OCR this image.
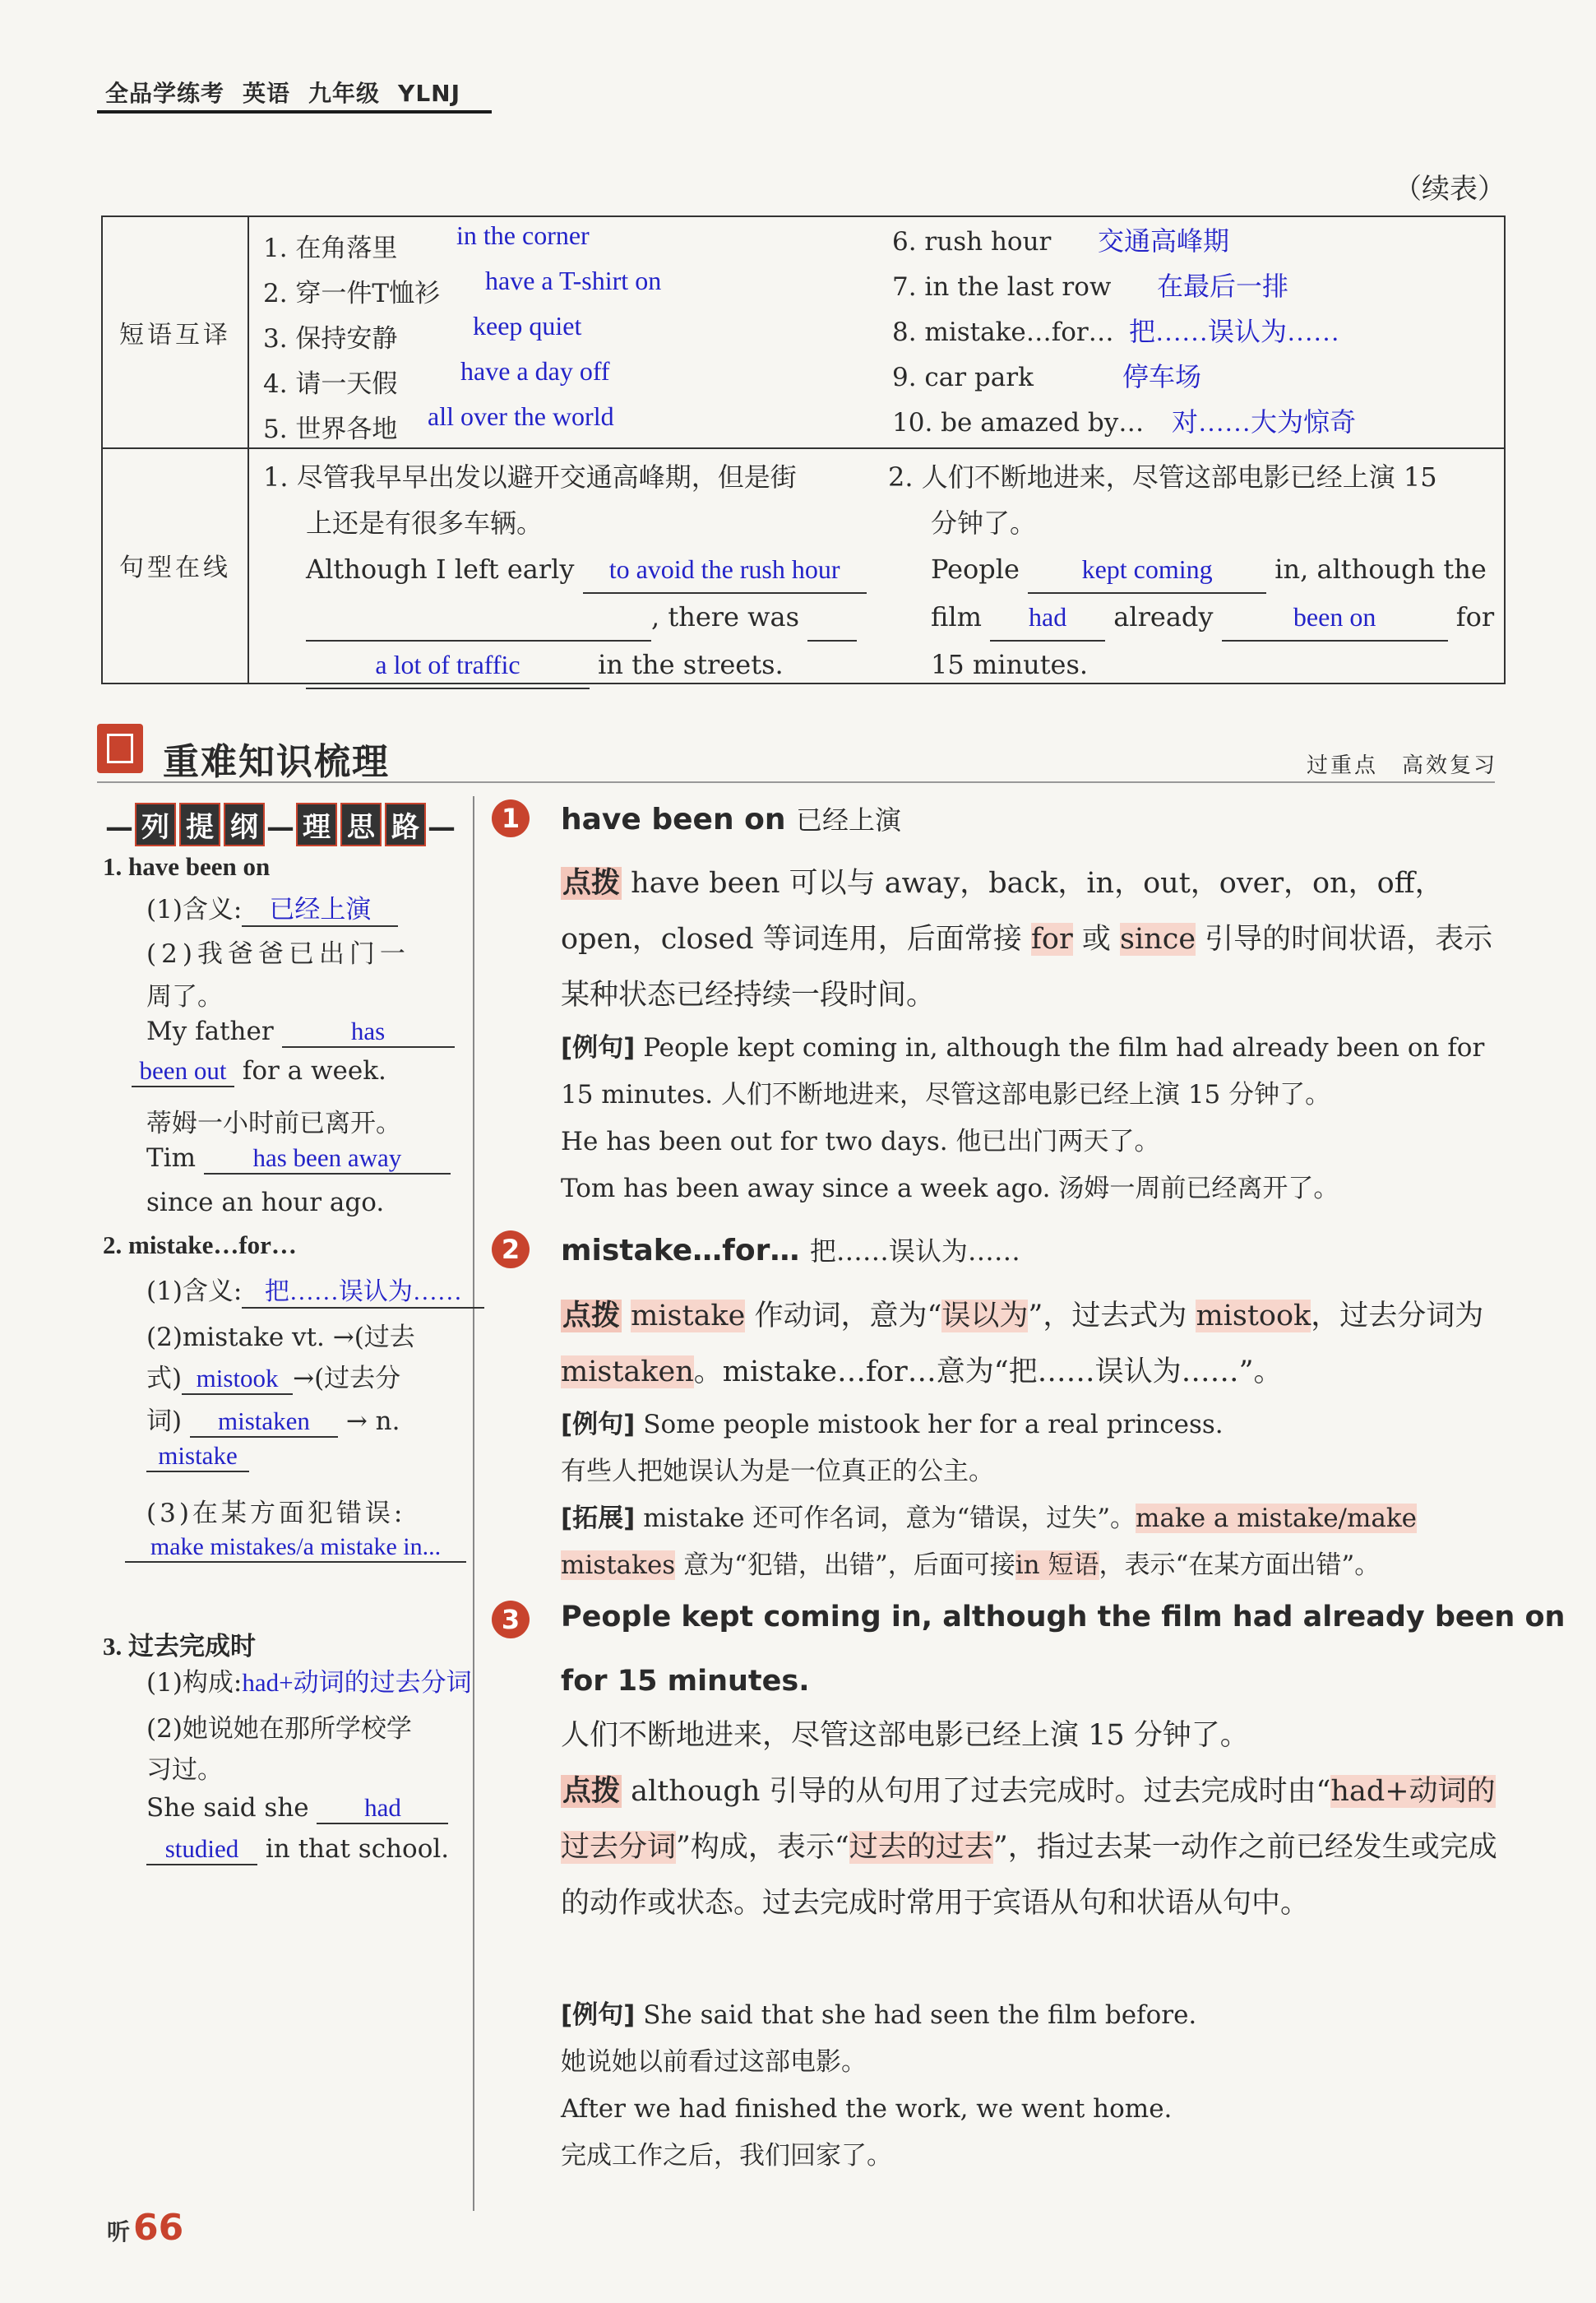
全品学练考 英语 九年级 YLNJ
（续表）
短语互译
1. 在角落里 in the corner
2. 穿一件T恤衫 have a T-shirt on
3. 保持安静	keep quiet
4. 请一天假 have a day off
5. 世界各地 all over the world
6. rush hour 交通高峰期
7. in the last row 在最后一排
8. mistake…for… 把……误认为……
9. car park	停车场
10. be amazed by… 对……大为惊奇
句型在线
1. 尽管我早早出发以避开交通高峰期，但是街
上还是有很多车辆。
Although I left early to avoid the rush hour
, there was
a lot of traffic	in the streets.
2. 人们不断地进来，尽管这部电影已经上演 15
分钟了。
People kept coming in, although the
film had already	been on	for
15 minutes.
重难知识梳理	过重点　高效复习
— 列 提 纲 — 理 思 路 —
1. have been on
(1)含义: 已经上演
(2)我爸爸已出门一
周了。
My father	has
been out for a week.
蒂姆一小时前已离开。
Tim has been away
since an hour ago.
2. mistake…for…
(1)含义: 把……误认为……
(2)mistake vt. →(过去
式) mistook →(过去分
词) mistaken → n.
mistake
(3)在某方面犯错误:
make mistakes/a mistake in...
3. 过去完成时
(1)构成:had+动词的过去分词
(2)她说她在那所学校学
习过。
She said she had
studied in that school.
1	have been on 已经上演
点拨 have been 可以与 away，back，in，out，over，on，off，open，closed 等词连用，后面常接 for 或 since 引导的时间状语，表示某种状态已经持续一段时间。
[例句] People kept coming in, although the film had already been on for 15 minutes. 人们不断地进来，尽管这部电影已经上演 15 分钟了。
He has been out for two days. 他已出门两天了。
Tom has been away since a week ago. 汤姆一周前已经离开了。
2	mistake…for… 把……误认为……
点拨 mistake 作动词，意为“误以为”，过去式为 mistook，过去分词为 mistaken。mistake…for…意为“把……误认为……”。
[例句] Some people mistook her for a real princess.
有些人把她误认为是一位真正的公主。
[拓展] mistake 还可作名词，意为“错误，过失”。make a mistake/make mistakes 意为“犯错，出错”，后面可接in 短语，表示“在某方面出错”。
3	People kept coming in, although the film had already been on
for 15 minutes.
人们不断地进来，尽管这部电影已经上演 15 分钟了。
点拨 although 引导的从句用了过去完成时。过去完成时由“had+动词的过去分词”构成，表示“过去的过去”，指过去某一动作之前已经发生或完成的动作或状态。过去完成时常用于宾语从句和状语从句中。
[例句] She said that she had seen the film before.
她说她以前看过这部电影。
After we had finished the work, we went home.
完成工作之后，我们回家了。
听66
